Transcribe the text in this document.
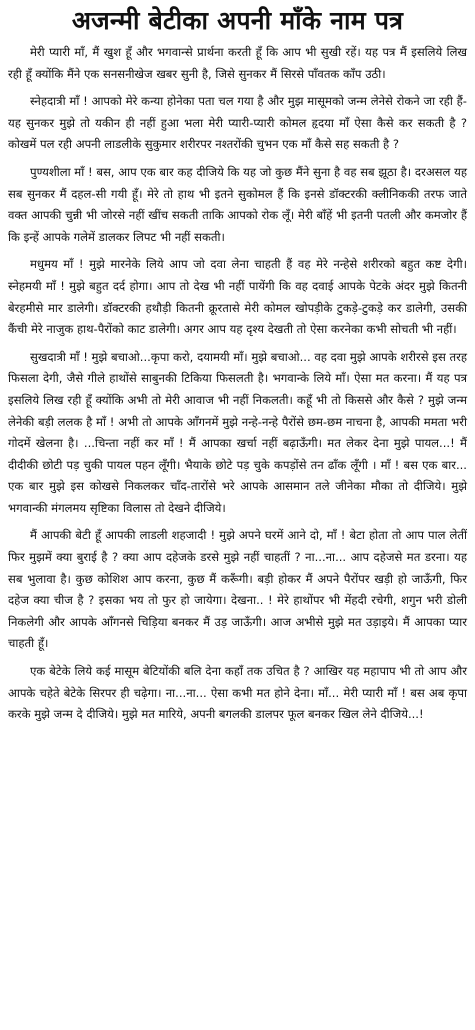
अजन्मी बेटीका अपनी माँके नाम पत्र

मेरी प्यारी माँ, मैं खुश हूँ और भगवान्से प्रार्थना करती हूँ कि आप भी सुखी रहें। यह पत्र मैं इसलिये लिख रही हूँ क्योंकि मैंने एक सनसनीखेज खबर सुनी है, जिसे सुनकर मैं सिरसे पाँवतक काँप उठी।

स्नेहदात्री माँ ! आपको मेरे कन्या होनेका पता चल गया है और मुझ मासूमको जन्म लेनेसे रोकने जा रही हैं- यह सुनकर मुझे तो यकीन ही नहीं हुआ भला मेरी प्यारी-प्यारी कोमल हृदया माँ ऐसा कैसे कर सकती है ? कोखमें पल रही अपनी लाडलीके सुकुमार शरीरपर नश्तरोंकी चुभन एक माँ कैसे सह सकती है ?

पुण्यशीला माँ ! बस, आप एक बार कह दीजिये कि यह जो कुछ मैंने सुना है वह सब झूठा है। दरअसल यह सब सुनकर मैं दहल-सी गयी हूँ। मेरे तो हाथ भी इतने सुकोमल हैं कि इनसे डॉक्टरकी क्लीनिककी तरफ जाते वक्त आपकी चुन्नी भी जोरसे नहीं खींच सकती ताकि आपको रोक लूँ। मेरी बाँहें भी इतनी पतली और कमजोर हैं कि इन्हें आपके गलेमें डालकर लिपट भी नहीं सकती।

मधुमय माँ ! मुझे मारनेके लिये आप जो दवा लेना चाहती हैं वह मेरे नन्हेसे शरीरको बहुत कष्ट देगी। स्नेहमयी माँ ! मुझे बहुत दर्द होगा। आप तो देख भी नहीं पायेंगी कि वह दवाई आपके पेटके अंदर मुझे कितनी बेरहमीसे मार डालेगी। डॉक्टरकी हथौड़ी कितनी क्रूरतासे मेरी कोमल खोपड़ीके टुकड़े-टुकड़े कर डालेगी, उसकी कैंची मेरे नाजुक हाथ-पैरोंको काट डालेगी। अगर आप यह दृश्य देखती तो ऐसा करनेका कभी सोचती भी नहीं।

सुखदात्री माँ ! मुझे बचाओ...कृपा करो, दयामयी माँ। मुझे बचाओ... वह दवा मुझे आपके शरीरसे इस तरह फिसला देगी, जैसे गीले हाथोंसे साबुनकी टिकिया फिसलती है। भगवान्के लिये माँ। ऐसा मत करना। मैं यह पत्र इसलिये लिख रही हूँ क्योंकि अभी तो मेरी आवाज भी नहीं निकलती। कहूँ भी तो किससे और कैसे ? मुझे जन्म लेनेकी बड़ी ललक है माँ ! अभी तो आपके आँगनमें मुझे नन्हे-नन्हे पैरोंसे छम-छम नाचना है, आपकी ममता भरी गोदमें खेलना है। ...चिन्ता नहीं कर माँ ! मैं आपका खर्चा नहीं बढ़ाऊँगी। मत लेकर देना मुझे पायल...! मैं दीदीकी छोटी पड़ चुकी पायल पहन लूँगी। भैयाके छोटे पड़ चुके कपड़ोंसे तन ढाँक लूँगी । माँ ! बस एक बार... एक बार मुझे इस कोखसे निकलकर चाँद-तारोंसे भरे आपके आसमान तले जीनेका मौका तो दीजिये। मुझे भगवान्की मंगलमय सृष्टिका विलास तो देखने दीजिये।

मैं आपकी बेटी हूँ आपकी लाडली शहजादी ! मुझे अपने घरमें आने दो, माँ ! बेटा होता तो आप पाल लेतीं फिर मुझमें क्या बुराई है ? क्या आप दहेजके डरसे मुझे नहीं चाहतीं ? ना...ना... आप दहेजसे मत डरना। यह सब भुलावा है। कुछ कोशिश आप करना, कुछ मैं करूँगी। बड़ी होकर मैं अपने पैरोंपर खड़ी हो जाऊँगी, फिर दहेज क्या चीज है ? इसका भय तो फुर हो जायेगा। देखना.. ! मेरे हाथोंपर भी मेंहदी रचेगी, शगुन भरी डोली निकलेगी और आपके आँगनसे चिड़िया बनकर मैं उड़ जाऊँगी। आज अभीसे मुझे मत उड़ाइये। मैं आपका प्यार चाहती हूँ।

एक बेटेके लिये कई मासूम बेटियोंकी बलि देना कहाँ तक उचित है ? आखिर यह महापाप भी तो आप और आपके चहेते बेटेके सिरपर ही चढ़ेगा। ना...ना... ऐसा कभी मत होने देना। माँ... मेरी प्यारी माँ ! बस अब कृपा करके मुझे जन्म दे दीजिये। मुझे मत मारिये, अपनी बगलकी डालपर फूल बनकर खिल लेने दीजिये...!
